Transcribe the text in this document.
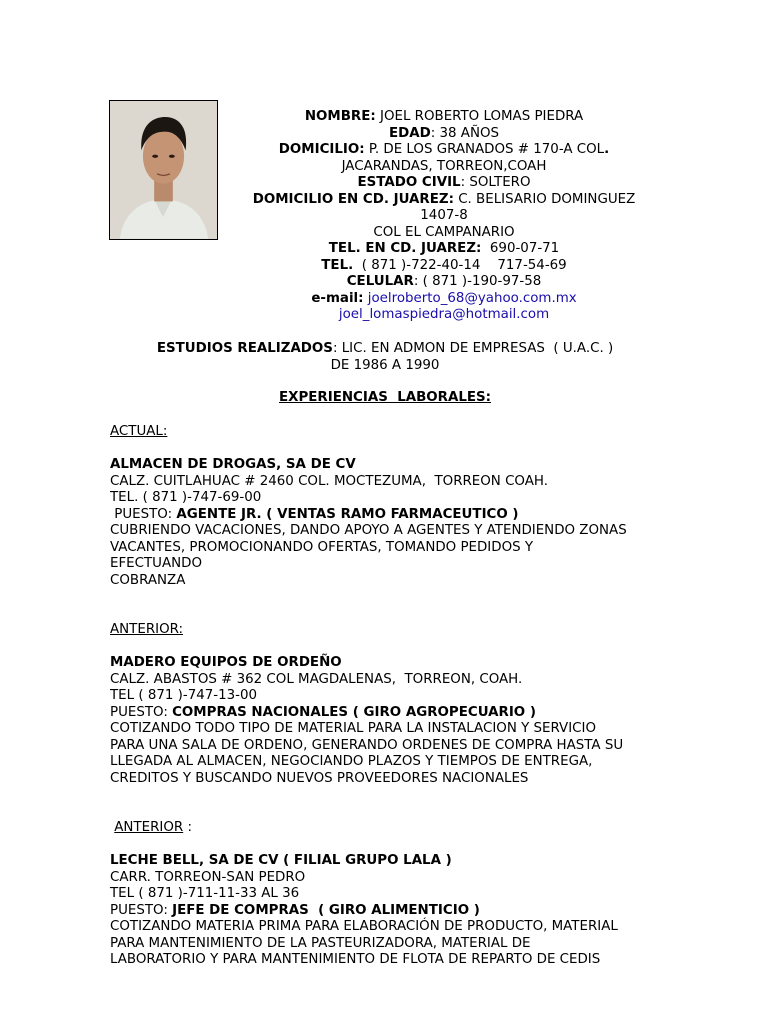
NOMBRE: JOEL ROBERTO LOMAS PIEDRA
EDAD: 38 AÑOS
DOMICILIO: P. DE LOS GRANADOS # 170-A COL.
JACARANDAS, TORREON,COAH
ESTADO CIVIL: SOLTERO
DOMICILIO EN CD. JUAREZ: C. BELISARIO DOMINGUEZ
1407-8
COL EL CAMPANARIO
TEL. EN CD. JUAREZ:  690-07-71
TEL.  ( 871 )-722-40-14    717-54-69
CELULAR: ( 871 )-190-97-58
e-mail: joelroberto_68@yahoo.com.mx
joel_lomaspiedra@hotmail.com
ESTUDIOS REALIZADOS: LIC. EN ADMON DE EMPRESAS  ( U.A.C. )
DE 1986 A 1990
EXPERIENCIAS  LABORALES:
ACTUAL:
ALMACEN DE DROGAS, SA DE CV
CALZ. CUITLAHUAC # 2460 COL. MOCTEZUMA,  TORREON COAH.
TEL. ( 871 )-747-69-00
PUESTO: AGENTE JR. ( VENTAS RAMO FARMACEUTICO )
CUBRIENDO VACACIONES, DANDO APOYO A AGENTES Y ATENDIENDO ZONAS
VACANTES, PROMOCIONANDO OFERTAS, TOMANDO PEDIDOS Y
EFECTUANDO
COBRANZA
ANTERIOR:
MADERO EQUIPOS DE ORDEÑO
CALZ. ABASTOS # 362 COL MAGDALENAS,  TORREON, COAH.
TEL ( 871 )-747-13-00
PUESTO: COMPRAS NACIONALES ( GIRO AGROPECUARIO )
COTIZANDO TODO TIPO DE MATERIAL PARA LA INSTALACION Y SERVICIO
PARA UNA SALA DE ORDENO, GENERANDO ORDENES DE COMPRA HASTA SU
LLEGADA AL ALMACEN, NEGOCIANDO PLAZOS Y TIEMPOS DE ENTREGA,
CREDITOS Y BUSCANDO NUEVOS PROVEEDORES NACIONALES
ANTERIOR :
LECHE BELL, SA DE CV ( FILIAL GRUPO LALA )
CARR. TORREON-SAN PEDRO
TEL ( 871 )-711-11-33 AL 36
PUESTO: JEFE DE COMPRAS  ( GIRO ALIMENTICIO )
COTIZANDO MATERIA PRIMA PARA ELABORACIÓN DE PRODUCTO, MATERIAL
PARA MANTENIMIENTO DE LA PASTEURIZADORA, MATERIAL DE
LABORATORIO Y PARA MANTENIMIENTO DE FLOTA DE REPARTO DE CEDIS
